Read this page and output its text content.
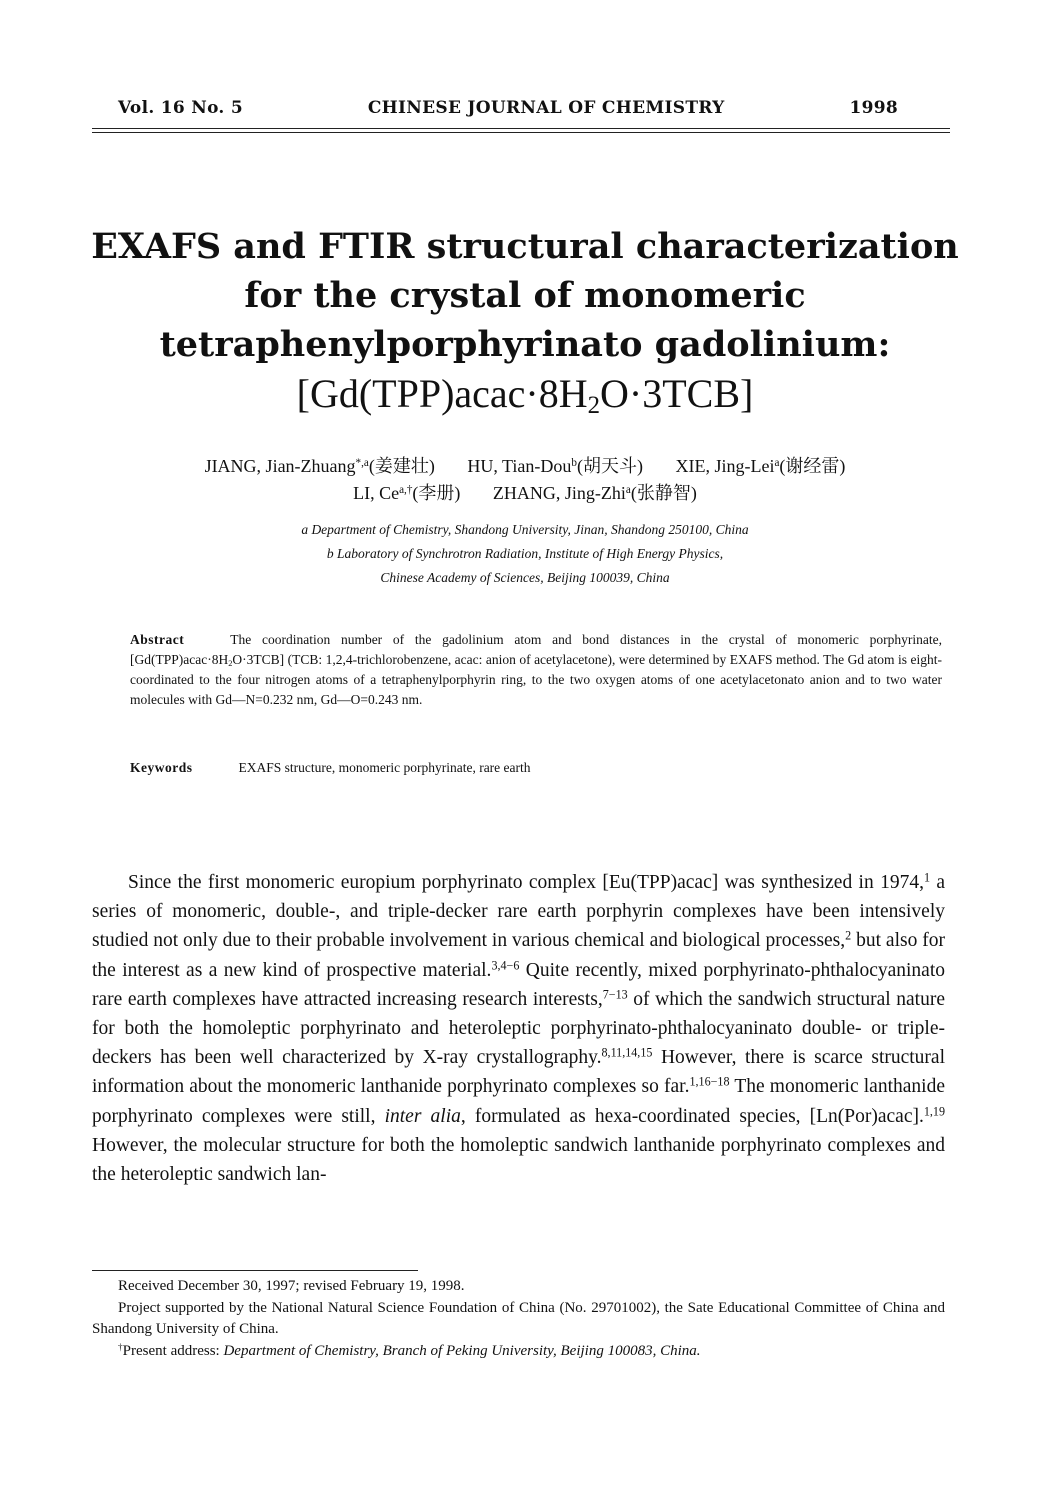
Vol. 16 No. 5	CHINESE JOURNAL OF CHEMISTRY	1998
EXAFS and FTIR structural characterization
for the crystal of monomeric
tetraphenylporphyrinato gadolinium:
$[Gd(TPP)acac\cdot 8H_2O\cdot 3TCB]$
JIANG, Jian-Zhuang$^{*,a}$(姜建壮) HU, Tian-Dou$^b$(胡天斗) XIE, Jing-Lei$^a$(谢经雷)
LI, $Ce^{a,\dagger}$(李册) ZHANG, Jing-Zhi$^a$(张静智)
a Department of Chemistry, Shandong University, Jinan, Shandong 250100, China
b Laboratory of Synchrotron Radiation, Institute of High Energy Physics,
Chinese Academy of Sciences, Beijing 100039, China
Abstract	The coordination number of the gadolinium atom and bond distances in the crystal of monomeric porphyrinate, $[Gd(TPP)acac\cdot 8H_2O\cdot 3TCB]$ (TCB: 1,2,4-trichlorobenzene, acac: anion of acetylacetone), were determined by EXAFS method. The Gd atom is eight-coordinated to the four nitrogen atoms of a tetraphenylporphyrin ring, to the two oxygen atoms of one acetylacetonato anion and to two water molecules with Gd—N=0.232 nm, Gd—O=0.243 nm.
Keywords	EXAFS structure, monomeric porphyrinate, rare earth
Since the first monomeric europium porphyrinato complex [Eu(TPP)acac] was synthesized in 1974,$^1$ a series of monomeric, double-, and triple-decker rare earth porphyrin complexes have been intensively studied not only due to their probable involvement in various chemical and biological processes,$^2$ but also for the interest as a new kind of prospective material.$^{3,4-6}$ Quite recently, mixed porphyrinato-phthalocyaninato rare earth complexes have attracted increasing research interests,$^{7-13}$ of which the sandwich structural nature for both the homoleptic porphyrinato and heteroleptic porphyrinato-phthalocyaninato double- or triple-deckers has been well characterized by X-ray crystallography.$^{8,11,14,15}$ However, there is scarce structural information about the monomeric lanthanide porphyrinato complexes so far.$^{1,16-18}$ The monomeric lanthanide porphyrinato complexes were still, inter alia, formulated as hexa-coordinated species, [Ln(Por)acac].$^{1,19}$ However, the molecular structure for both the homoleptic sandwich lanthanide porphyrinato complexes and the heteroleptic sandwich lan-

Received December 30, 1997; revised February 19, 1998.

Project supported by the National Natural Science Foundation of China (No. 29701002), the Sate Educational Committee of China and Shandong University of China.

†Present address: Department of Chemistry, Branch of Peking University, Beijing 100083, China.
